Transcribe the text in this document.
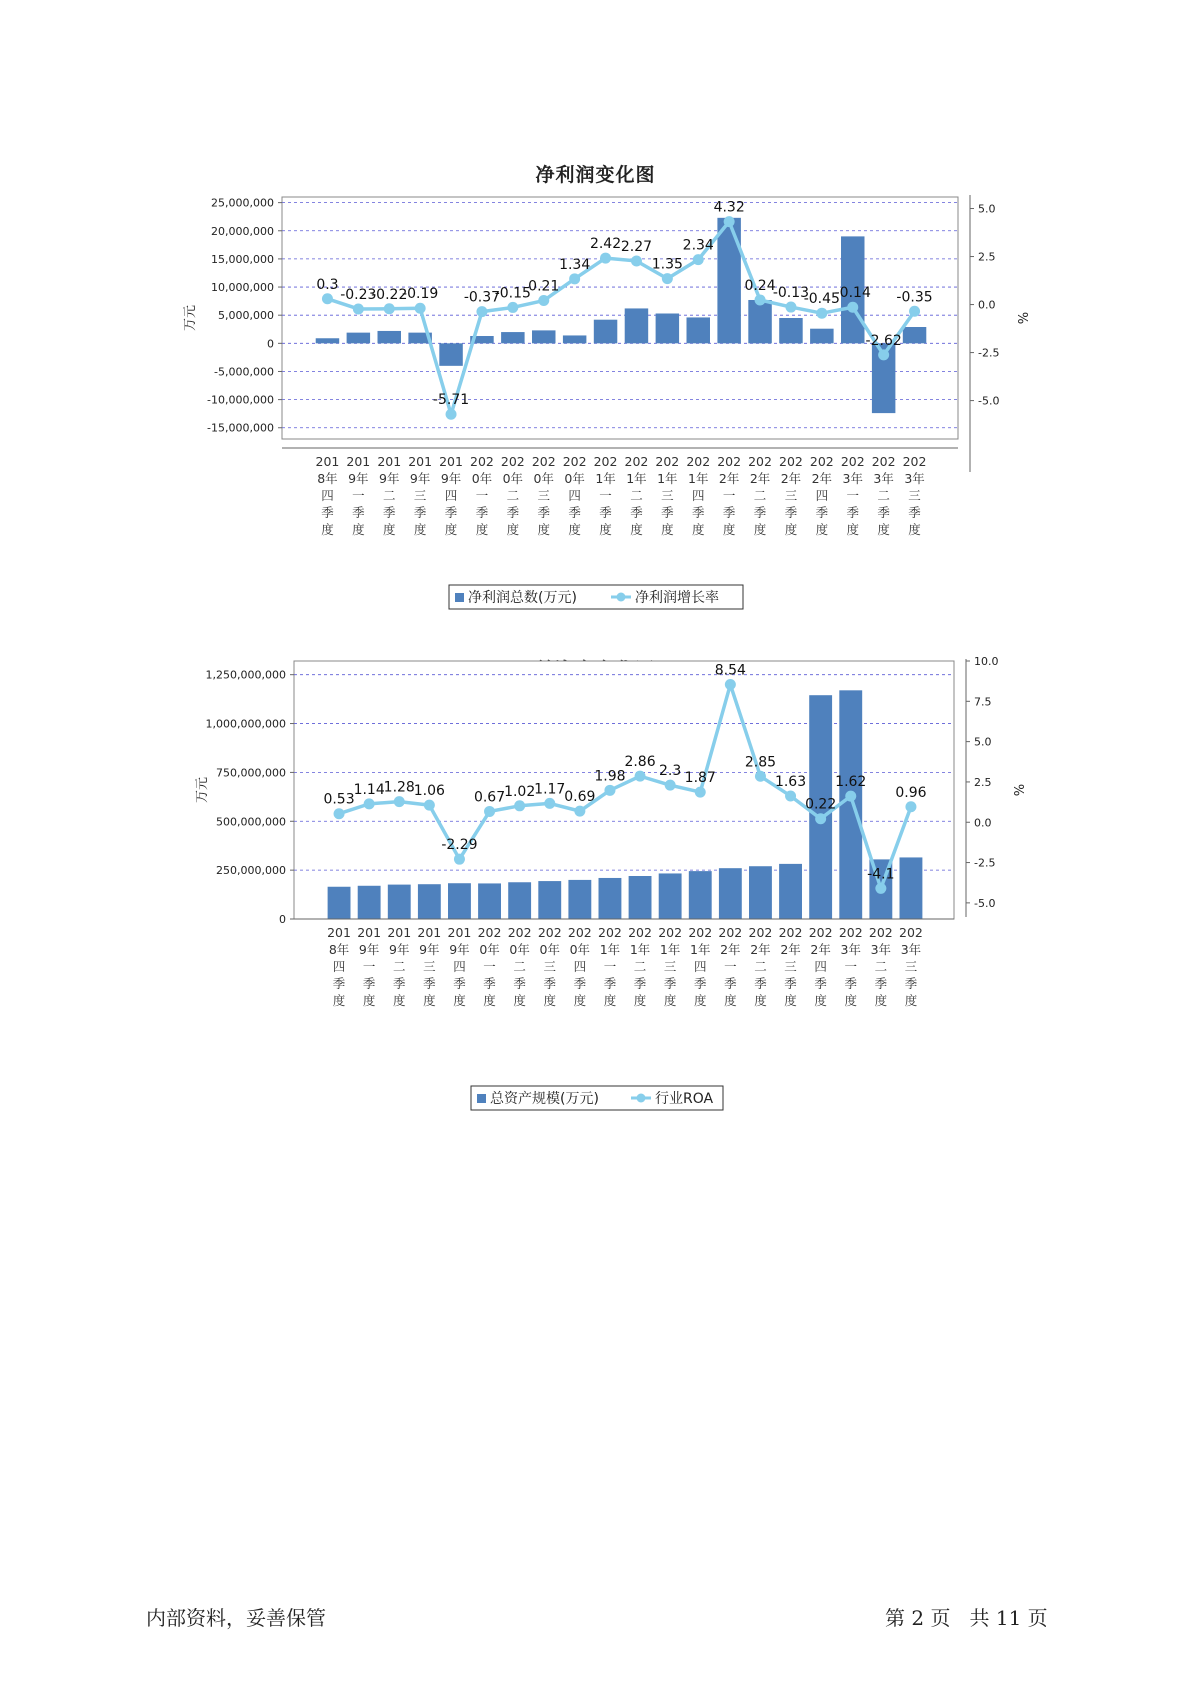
净利润变化图
25,000,000
20,000,000
15,000,000
10,000,000
5,000,000
0
-5,000,000
-10,000,000
-15,000,000
5.0
2.5
0.0
-2.5
-5.0
万元	%
201
8年
四
季
度
201
9年
一
季
度
201
9年
二
季
度
201
9年
三
季
度
201
9年
四
季
度
202
0年
一
季
度
202
0年
二
季
度
202
0年
三
季
度
202
0年
四
季
度
202
1年
一
季
度
202
1年
二
季
度
202
1年
三
季
度
202
1年
四
季
度
202
2年
一
季
度
202
2年
二
季
度
202
2年
三
季
度
202
2年
四
季
度
202
3年
一
季
度
202
3年
二
季
度
202
3年
三
季
度
0.3
-0.23
-0.22
-0.19
-5.71
-0.37
-0.15
0.21
1.34
2.42 2.27
1.35
2.34
4.32
0.24
-0.13
-0.45
-0.14
-2.62
-0.35
净利润总数(万元)	净利润增长率
1,250,000,000
1,000,000,000
750,000,000
500,000,000
250,000,000
0
10.0
7.5
5.0
2.5
0.0
-2.5
-5.0
万元	%
201
8年
四
季
度
201
9年
一
季
度
201
9年
二
季
度
201
9年
三
季
度
201
9年
四
季
度
202
0年
一
季
度
202
0年
二
季
度
202
0年
三
季
度
202
0年
四
季
度
202
1年
一
季
度
202
1年
二
季
度
202
1年
三
季
度
202
1年
四
季
度
202
2年
一
季
度
202
2年
二
季
度
202
2年
三
季
度
202
2年
四
季
度
202
3年
一
季
度
202
3年
二
季
度
202
3年
三
季
度
0.53
1.14
1.28
1.06
-2.29
0.67
1.02
1.17
0.69
1.98
2.86
2.3 1.87
8.54
2.85
1.63
0.22
1.62
-4.1
0.96
总资产规模(万元)	行业ROA
内部资料，妥善保管	第 2 页   共 11 页
